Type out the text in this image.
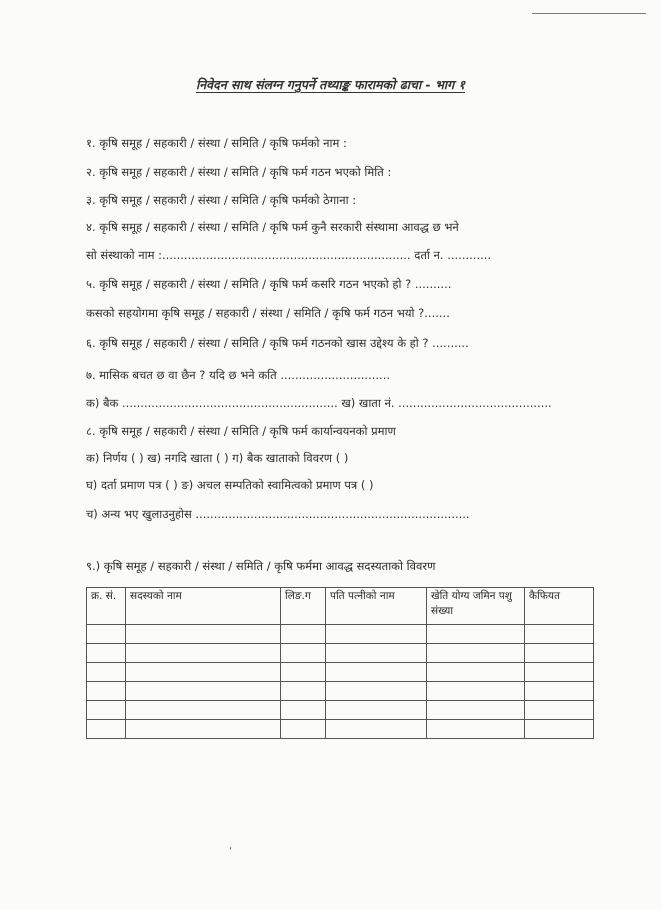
निवेदन साथ संलग्न गनुपर्ने तथ्याङ्क फारामको ढाचा - भाग १
१. कृषि समूह / सहकारी / संस्था / समिति / कृषि फर्मको नाम :
२. कृषि समूह / सहकारी / संस्था / समिति / कृषि फर्म गठन भएको मिति :
३. कृषि समूह / सहकारी / संस्था / समिति / कृषि फर्मको ठेगाना :
४. कृषि समूह / सहकारी / संस्था / समिति / कृषि फर्म कुनै सरकारी संस्थामा आवद्ध छ भने
सो संस्थाको नाम :.................................................................... दर्ता न. ............
५. कृषि समूह / सहकारी / संस्था / समिति / कृषि फर्म कसरि गठन भएको हो ? ..........
कसको सहयोगमा कृषि समूह / सहकारी / संस्था / समिति / कृषि फर्म गठन भयो ?.......
६. कृषि समूह / सहकारी / संस्था / समिति / कृषि फर्म गठनको खास उद्देश्य के हो ? ..........
७. मासिक बचत छ वा छैन ? यदि छ भने कति ..............................
क) बैक ........................................................... ख) खाता नं. ..........................................
८. कृषि समूह / सहकारी / संस्था / समिति / कृषि फर्म कार्यान्वयनको प्रमाण
क) निर्णय ( ) ख) नगदि खाता ( ) ग) बैक खाताको विवरण ( )
घ) दर्ता प्रमाण पत्र ( ) ङ) अचल सम्पतिको स्वामित्वको प्रमाण पत्र ( )
च) अन्य भए खुलाउनुहोस ...........................................................................
९.) कृषि समूह / सहकारी / संस्था / समिति / कृषि फर्ममा आवद्ध सदस्यताको विवरण
क्र. सं.	सदस्यको नाम	लिङ.ग	पति पत्नीको नाम	खेति योग्य जमिन पशु संख्या	कैफियत

‘
